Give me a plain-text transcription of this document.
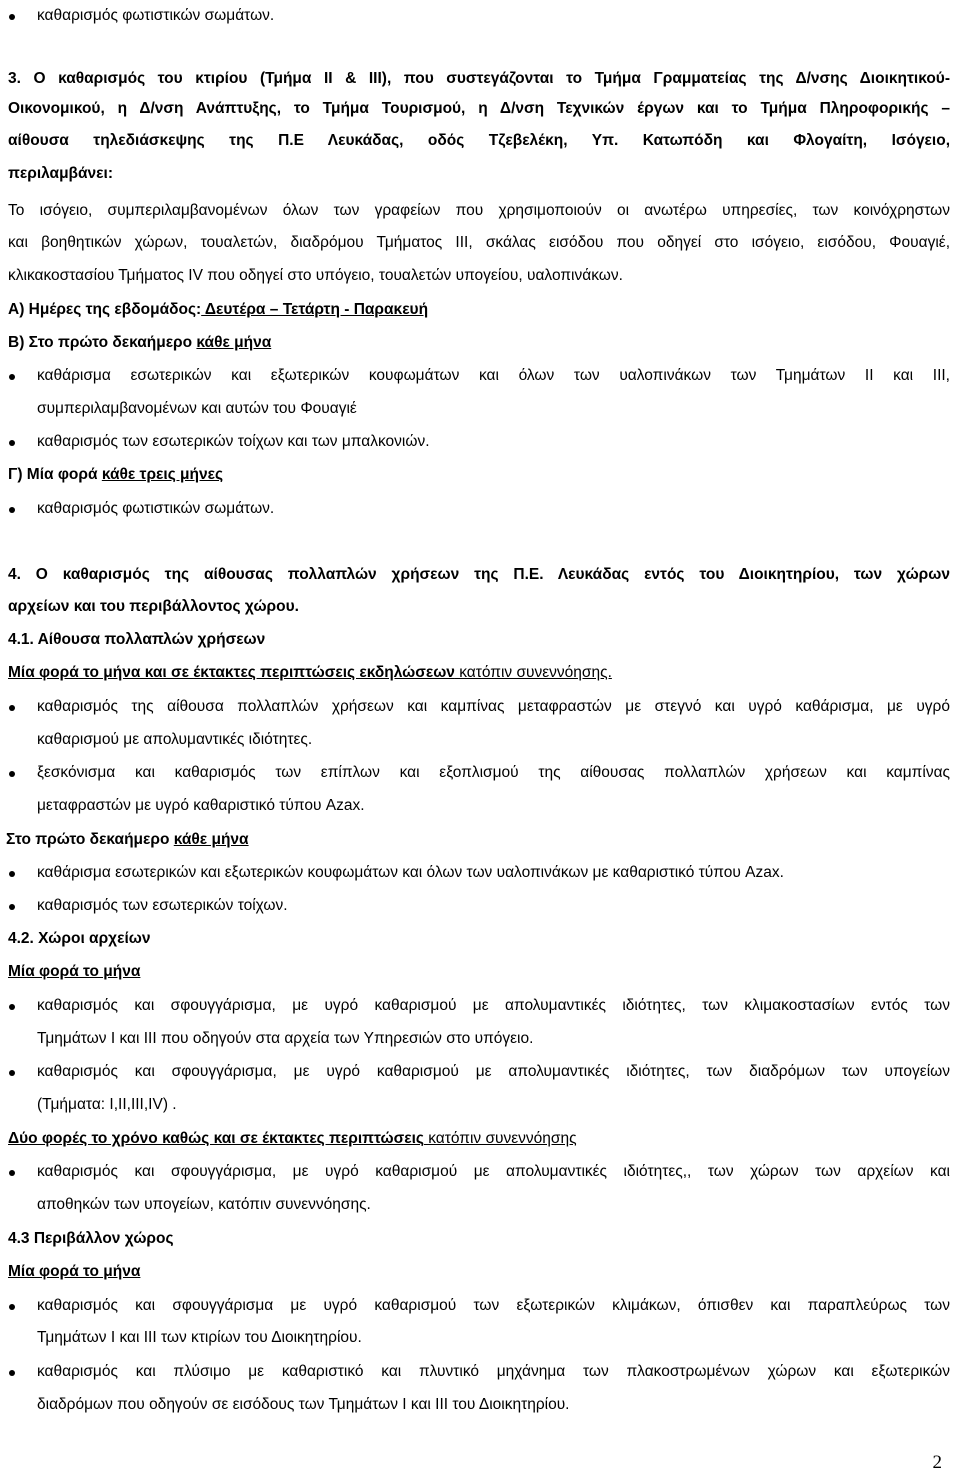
καθαρισμός φωτιστικών σωμάτων.
3. Ο καθαρισμός του κτιρίου (Τμήμα ΙΙ & ΙΙΙ), που συστεγάζονται το Τμήμα Γραμματείας της Δ/νσης Διοικητικού-
Οικονομικού, η Δ/νση Ανάπτυξης, το Τμήμα Τουρισμού, η Δ/νση Τεχνικών έργων και το Τμήμα Πληροφορικής –
αίθουσα τηλεδιάσκεψης της Π.Ε Λευκάδας, οδός Τζεβελέκη, Υπ. Κατωπόδη και Φλογαίτη, Ισόγειο,
περιλαμβάνει:
Το ισόγειο, συμπεριλαμβανομένων όλων των γραφείων που χρησιμοποιούν οι ανωτέρω υπηρεσίες, των κοινόχρηστων
και βοηθητικών χώρων, τουαλετών, διαδρόμου Τμήματος ΙΙΙ, σκάλας εισόδου που οδηγεί στο ισόγειο, εισόδου, Φουαγιέ,
κλικακοστασίου Τμήματος IV που οδηγεί στο υπόγειο, τουαλετών υπογείου, υαλοπινάκων.
Α) Ημέρες της εβδομάδος: Δευτέρα – Τετάρτη - Παρακευή
Β) Στο πρώτο δεκαήμερο κάθε μήνα
καθάρισμα εσωτερικών και εξωτερικών κουφωμάτων και όλων των υαλοπινάκων των Τμημάτων ΙΙ και ΙΙΙ,
συμπεριλαμβανομένων και αυτών του Φουαγιέ
καθαρισμός των εσωτερικών τοίχων και των μπαλκονιών.
Γ) Μία φορά κάθε τρεις μήνες
καθαρισμός φωτιστικών σωμάτων.
4. Ο καθαρισμός της αίθουσας πολλαπλών χρήσεων της Π.Ε. Λευκάδας εντός του Διοικητηρίου, των χώρων
αρχείων και του περιβάλλοντος χώρου.
4.1. Αίθουσα πολλαπλών χρήσεων
Μία φορά το μήνα και σε έκτακτες περιπτώσεις εκδηλώσεων κατόπιν συνεννόησης.
καθαρισμός της αίθουσα πολλαπλών χρήσεων και καμπίνας μεταφραστών με στεγνό και υγρό καθάρισμα, με υγρό
καθαρισμού με απολυμαντικές ιδιότητες.
ξεσκόνισμα και καθαρισμός των επίπλων και εξοπλισμού της αίθουσας πολλαπλών χρήσεων και καμπίνας
μεταφραστών με υγρό καθαριστικό τύπου Azax.
Στο πρώτο δεκαήμερο κάθε μήνα
καθάρισμα εσωτερικών και εξωτερικών κουφωμάτων και όλων των υαλοπινάκων με καθαριστικό τύπου Azax.
καθαρισμός των εσωτερικών τοίχων.
4.2. Χώροι αρχείων
Μία φορά το μήνα
καθαρισμός και σφουγγάρισμα, με υγρό καθαρισμού με απολυμαντικές ιδιότητες, των κλιμακοστασίων εντός των
Τμημάτων Ι και ΙΙΙ που οδηγούν στα αρχεία των Υπηρεσιών στο υπόγειο.
καθαρισμός και σφουγγάρισμα, με υγρό καθαρισμού με απολυμαντικές ιδιότητες, των διαδρόμων των υπογείων
(Τμήματα: Ι,ΙΙ,ΙΙΙ,ΙV) .
Δύο φορές το χρόνο καθώς και σε έκτακτες περιπτώσεις κατόπιν συνεννόησης
καθαρισμός και σφουγγάρισμα, με υγρό καθαρισμού με απολυμαντικές ιδιότητες,, των χώρων των αρχείων και
αποθηκών των υπογείων, κατόπιν συνεννόησης.
4.3 Περιβάλλον χώρος
Μία φορά το μήνα
καθαρισμός και σφουγγάρισμα με υγρό καθαρισμού των εξωτερικών κλιμάκων, όπισθεν και παραπλεύρως των
Τμημάτων Ι και ΙΙΙ των κτιρίων του Διοικητηρίου.
καθαρισμός και πλύσιμο με καθαριστικό και πλυντικό μηχάνημα των πλακοστρωμένων χώρων και εξωτερικών
διαδρόμων που οδηγούν σε εισόδους των Τμημάτων Ι και ΙΙΙ του Διοικητηρίου.
2
